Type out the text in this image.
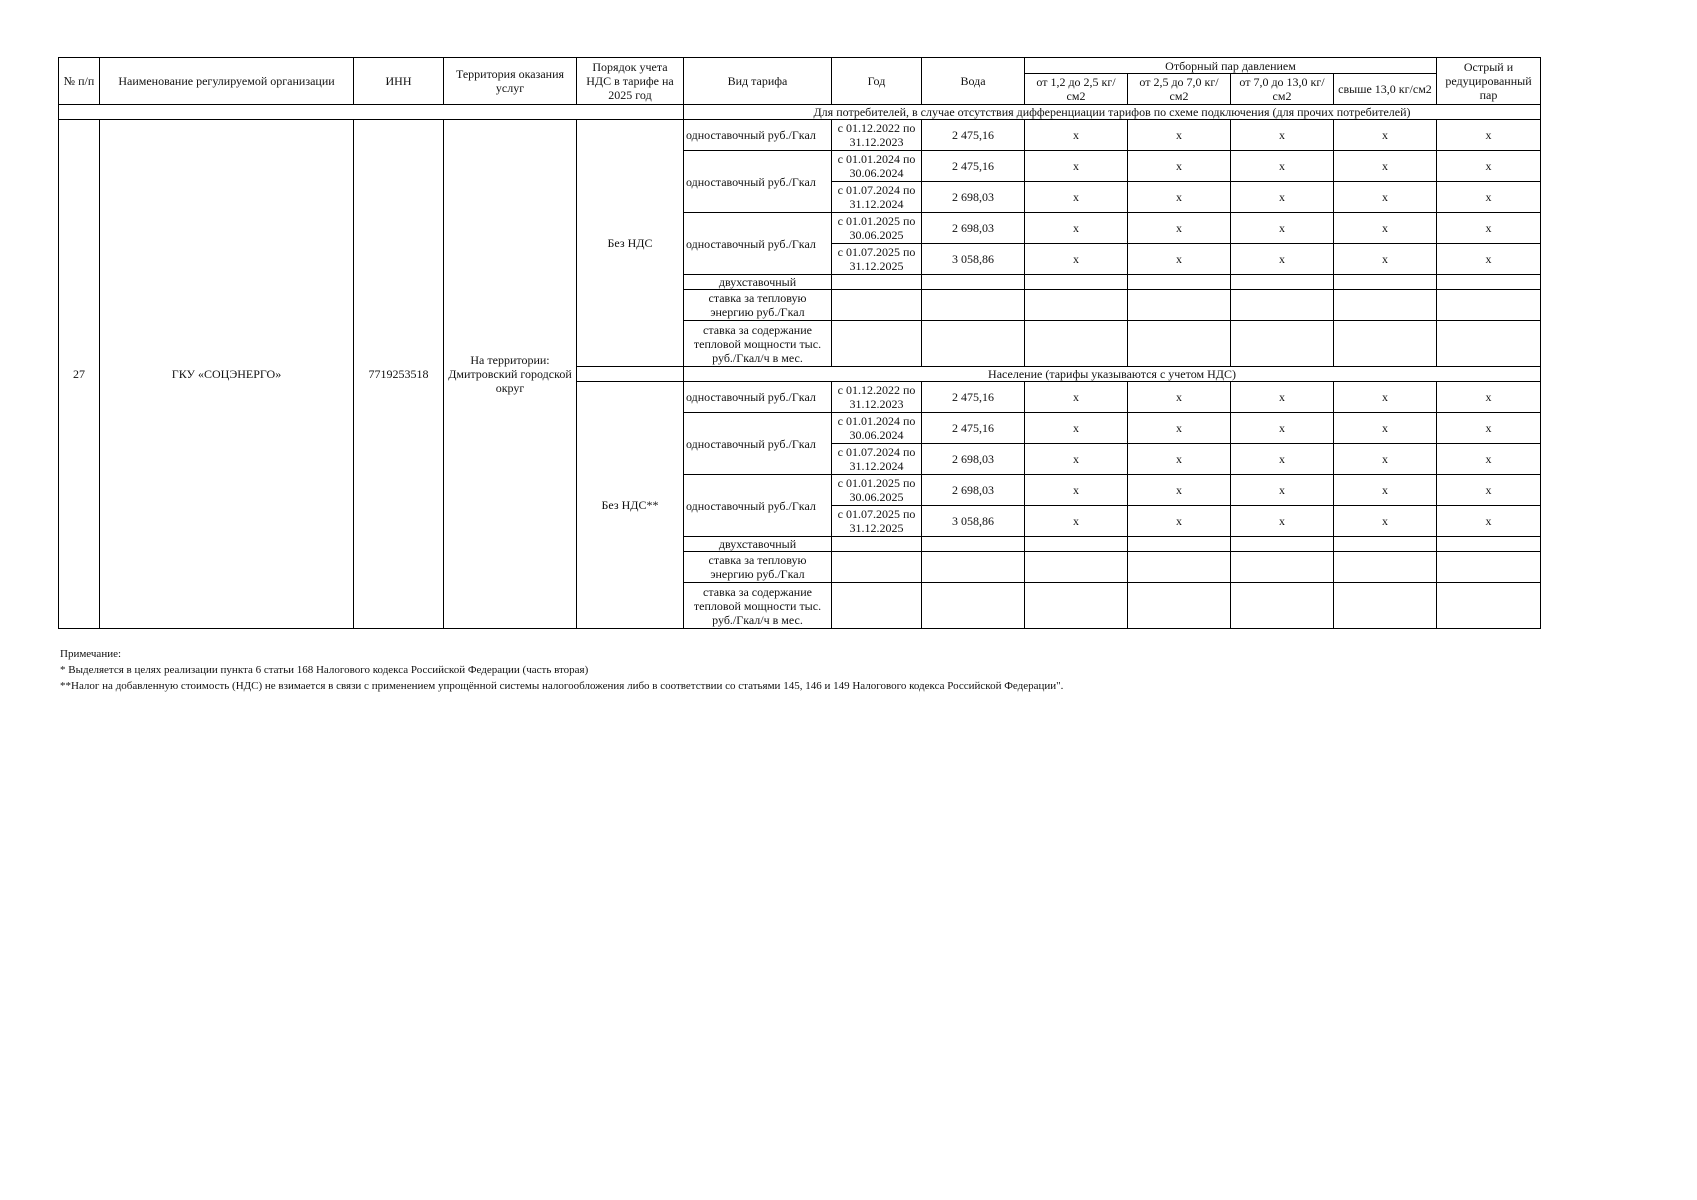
№ п/п	Наименование регулируемой организации	ИНН	Территория оказания услуг	Порядок учета НДС в тарифе на 2025 год	Вид тарифа	Год	Вода	Отборный пар давлением				Острый и редуцированный пар
								от 1,2 до 2,5 кг/см2	от 2,5 до 7,0 кг/см2	от 7,0 до 13,0 кг/см2	свыше 13,0 кг/см2	
					Для потребителей, в случае отсутствия дифференциации тарифов по схеме подключения (для прочих потребителей)							
27	ГКУ «СОЦЭНЕРГО»	7719253518	На территории: Дмитровский городской округ	Без НДС	одноставочный руб./Гкал	с 01.12.2022 по 31.12.2023	2 475,16	x	x	x	x	x
					одноставочный руб./Гкал	с 01.01.2024 по 30.06.2024	2 475,16	x	x	x	x	x
						с 01.07.2024 по 31.12.2024	2 698,03	x	x	x	x	x
					одноставочный руб./Гкал	с 01.01.2025 по 30.06.2025	2 698,03	x	x	x	x	x
						с 01.07.2025 по 31.12.2025	3 058,86	x	x	x	x	x
					двухставочный							
					ставка за тепловую энергию руб./Гкал							
					ставка за содержание тепловой мощности тыс. руб./Гкал/ч в мес.							
					Население (тарифы указываются с учетом НДС)							
				Без НДС**	одноставочный руб./Гкал	с 01.12.2022 по 31.12.2023	2 475,16	x	x	x	x	x
					одноставочный руб./Гкал	с 01.01.2024 по 30.06.2024	2 475,16	x	x	x	x	x
						с 01.07.2024 по 31.12.2024	2 698,03	x	x	x	x	x
					одноставочный руб./Гкал	с 01.01.2025 по 30.06.2025	2 698,03	x	x	x	x	x
						с 01.07.2025 по 31.12.2025	3 058,86	x	x	x	x	x
					двухставочный							
					ставка за тепловую энергию руб./Гкал							
					ставка за содержание тепловой мощности тыс. руб./Гкал/ч в мес.							
Примечание:
* Выделяется в целях реализации пункта 6 статьи 168 Налогового кодекса Российской Федерации (часть вторая)
**Налог на добавленную стоимость (НДС) не взимается в связи с применением упрощённой системы налогообложения либо в соответствии со статьями 145, 146 и 149 Налогового кодекса Российской Федерации".
